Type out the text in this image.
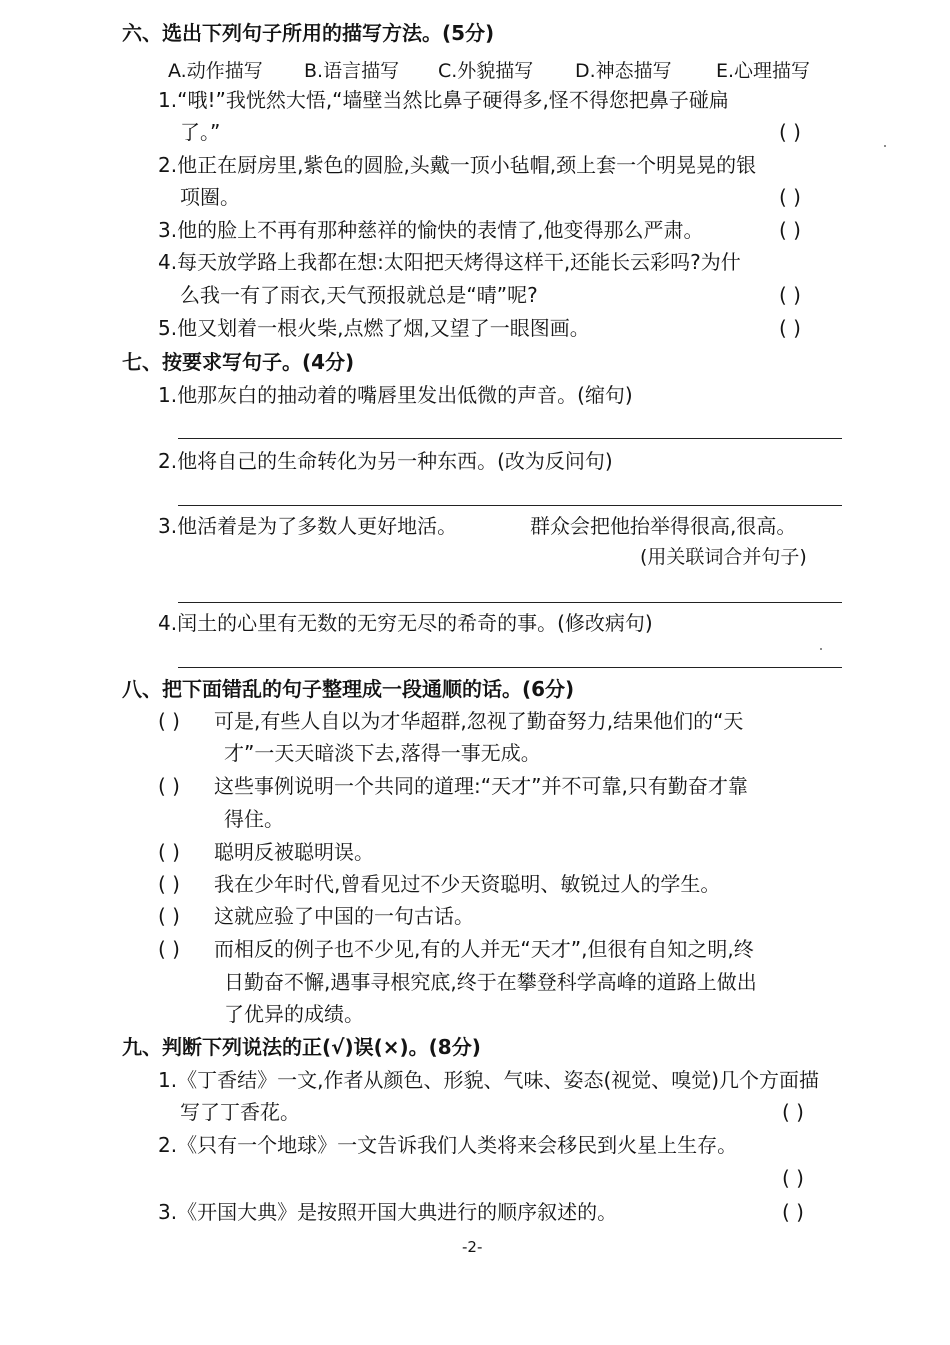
六、选出下列句子所用的描写方法。(5分)
A.动作描写 B.语言描写 C.外貌描写 D.神态描写 E.心理描写
1.“哦!”我恍然大悟,“墙壁当然比鼻子硬得多,怪不得您把鼻子碰扁
了。”	( )
2.他正在厨房里,紫色的圆脸,头戴一顶小毡帽,颈上套一个明晃晃的银
项圈。	( )
3.他的脸上不再有那种慈祥的愉快的表情了,他变得那么严肃。	( )
4.每天放学路上我都在想:太阳把天烤得这样干,还能长云彩吗?为什
么我一有了雨衣,天气预报就总是“晴”呢?	( )
5.他又划着一根火柴,点燃了烟,又望了一眼图画。	( )
七、按要求写句子。(4分)
1.他那灰白的抽动着的嘴唇里发出低微的声音。(缩句)
2.他将自己的生命转化为另一种东西。(改为反问句)
3.他活着是为了多数人更好地活。	群众会把他抬举得很高,很高。
(用关联词合并句子)
4.闰土的心里有无数的无穷无尽的希奇的事。(修改病句)
八、把下面错乱的句子整理成一段通顺的话。(6分)
( ) 可是,有些人自以为才华超群,忽视了勤奋努力,结果他们的“天
才”一天天暗淡下去,落得一事无成。
( ) 这些事例说明一个共同的道理:“天才”并不可靠,只有勤奋才靠
得住。
( ) 聪明反被聪明误。
( ) 我在少年时代,曾看见过不少天资聪明、敏锐过人的学生。
( ) 这就应验了中国的一句古话。
( ) 而相反的例子也不少见,有的人并无“天才”,但很有自知之明,终
日勤奋不懈,遇事寻根究底,终于在攀登科学高峰的道路上做出
了优异的成绩。
九、判断下列说法的正(√)误(×)。(8分)
1.《丁香结》一文,作者从颜色、形貌、气味、姿态(视觉、嗅觉)几个方面描
写了丁香花。	( )
2.《只有一个地球》一文告诉我们人类将来会移民到火星上生存。
( )
3.《开国大典》是按照开国大典进行的顺序叙述的。	( )
-2-
